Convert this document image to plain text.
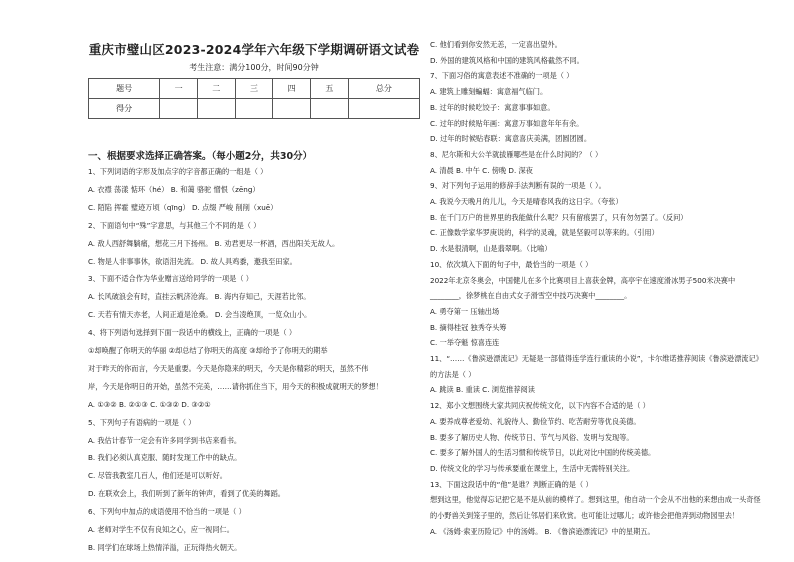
重庆市璧山区2023-2024学年六年级下学期调研语文试卷
考生注意：满分100分，时间90分钟
题号	一	二	三	四	五	总分
得分						
一、根据要求选择正确答案。（每小题2分，共30分）
1、下列词语的字形及加点字的字音都正确的一组是（ ）
A. 衣襟 荡漾 惦环（hé） B. 和蔼 骆驼 憎恨（zēng）
C. 陌陷 挥霍 璧迹万顷（qīng） D. 点缀 严峻 削削（xuē）
2、下面语句中“殊”字意思，与其他三个不同的是（ ）
A. 敌人西舒舞躺痛，想花三月下扬州。 B. 劝君更尽一杯酒，西出阳关无故人。
C. 物是人非事事休，欲语泪先流。 D. 故人具鸡黍，邀我至田家。
3、下面不适合作为华业赠言送给同学的一项是（ ）
A. 长风破浪会有时，直挂云帆济沧海。 B. 海内存知己，天涯若比邻。
C. 天若有情天亦老，人间正道是沧桑。 D. 会当凌绝顶，一览众山小。
4、将下列语句选择到下面一段话中的横线上，正确的一项是（ ）
①却唤醒了你明天的华丽 ②却总结了你明天的高度 ③却给予了你明天的期举
对于昨天的你而言，今天是重要。今天是你隐来的明天，今天是你精彩的明天，虽然不伟
岸，今天是你明日的开始，虽然不完美，……请你抓住当下，用今天的积极成就明天的梦想！
A. ①③② B. ②①③ C. ①③② D. ③②①
5、下列句子有语病的一项是（ ）
A. 我估计春节一定会有许多同学到书店来看书。
B. 我们必须认真克服、随时发现工作中的缺点。
C. 尽管我教室几百人，他们还是可以听好。
D. 在联欢会上，我们听到了新年的钟声，看到了优美的舞蹈。
6、下列句中加点的成语使用不恰当的一项是（ ）
A. 老师对学生不仅有良知之心，应一视同仁。
B. 同学们在球场上热情洋溢，正玩得热火朝天。
C. 他们看到你安然无恙，一定喜出望外。
D. 外国的建筑风格和中国的建筑风格截然不同。
7、下面习俗的寓意表述不准确的一项是（ ）
A. 建筑上雕刻蝙蝠：寓意福气临门。
B. 过年的时候吃饺子：寓意事事如意。
C. 过年的时候贴年画：寓意万事如意年年有余。
D. 过年的时候贴春联：寓意喜庆美满，团圆团圆。
8、尼尔斯和大公羊就拔雁哪些是在什么时间的？（ ）
A. 清晨 B. 中午 C. 傍晚 D. 深夜
9、对下列句子运用的修辞手法判断有误的一项是（ ）。
A. 我说今天晚月的儿儿，今天是晴春风我的这日字。（夸张）
B. 在千门万户的世界里的我能做什么呢？只有留痕罢了，只有勿勿罢了。（反问）
C. 正像数学家华罗庚说的，科学的灵魂，就是坚毅可以等来的。（引用）
D. 水是很清啊，山是翡翠啊。（比喻）
10、依次填入下面的句子中，最恰当的一项是（ ）
2022年北京冬奥会，中国健儿在多个比赛项目上喜获金牌，高亭宇在速度滑冰男子500米决赛中
________，徐梦桃在自由式女子滑雪空中技巧决赛中________。
A. 勇夺第一 压轴出场
B. 摘得桂冠 独秀夺头筹
C. 一举夺魁 惊喜连连
11、“……《鲁滨逊漂流记》无疑是一部值得连学连行重读的小说”，卡尔维诺推荐阅读《鲁滨逊漂流记》
的方法是（ ）
A. 跳读 B. 重读 C. 浏览推荐阅读
12、郑小文想围绕大家共同庆祝传统文化，以下内容不合适的是（ ）
A. 要养成尊老爱幼、礼貌待人、勤俭节约、吃苦耐劳等优良美德。
B. 要多了解历史人物、传统节日、节气与风俗、发明与发现等。
C. 要多了解外国人的生活习惯和传统节日，以此对比中国的传统美德。
D. 传统文化的学习与传承要重在课堂上，生活中无需特别关注。
13、下面这段话中的“他”是谁？判断正确的是（ ）
想到这里，他觉得忘记把它是不是从前的模样了。想到这里，他自动一个会从不出他的来想由成一头奇怪
的小野兽关到笼子里的，然后让邻居们来欣赏。也可能让过哪儿；或许他会把他弄到动物园里去！
A. 《汤姆·索亚历险记》中的汤姆。 B. 《鲁滨逊漂流记》中的星期五。
